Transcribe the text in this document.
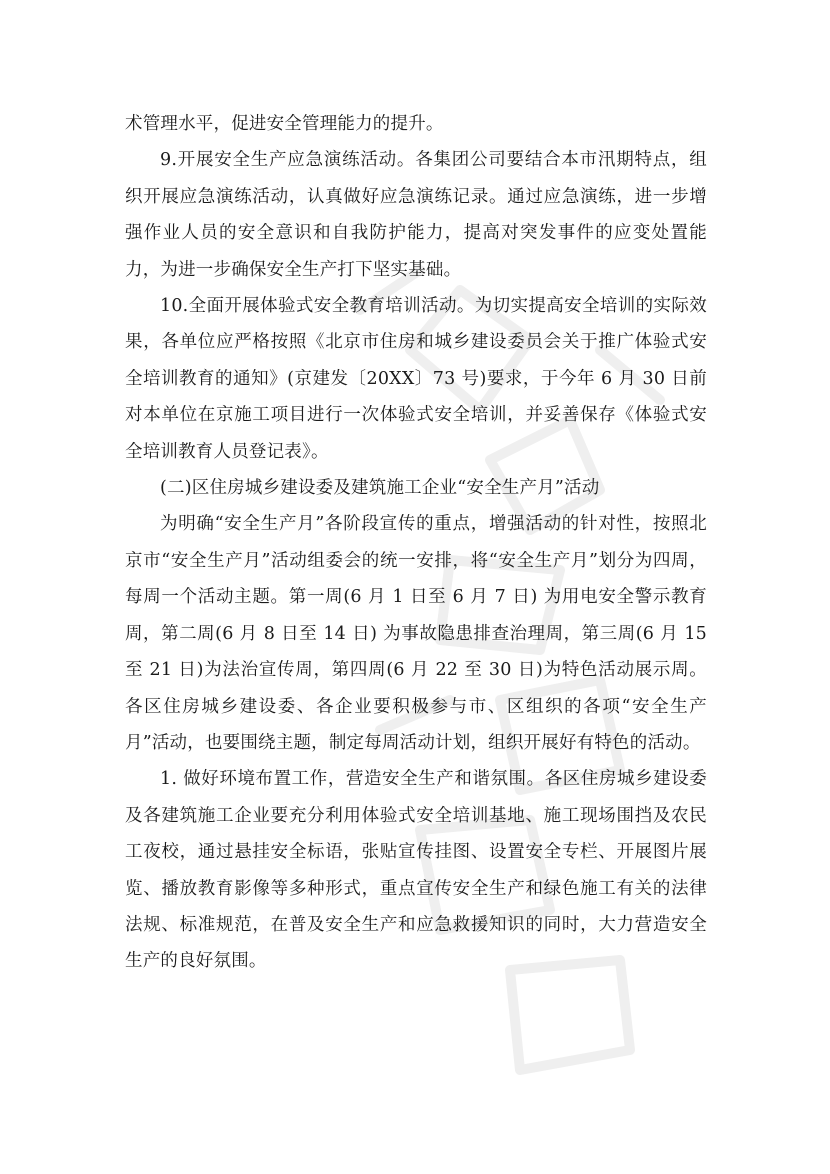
术管理水平，促进安全管理能力的提升。

9.开展安全生产应急演练活动。各集团公司要结合本市汛期特点，组织开展应急演练活动，认真做好应急演练记录。通过应急演练，进一步增强作业人员的安全意识和自我防护能力，提高对突发事件的应变处置能力，为进一步确保安全生产打下坚实基础。

10.全面开展体验式安全教育培训活动。为切实提高安全培训的实际效果，各单位应严格按照《北京市住房和城乡建设委员会关于推广体验式安全培训教育的通知》(京建发〔20XX〕73 号)要求，于今年 6 月 30 日前对本单位在京施工项目进行一次体验式安全培训，并妥善保存《体验式安全培训教育人员登记表》。

(二)区住房城乡建设委及建筑施工企业“安全生产月”活动

为明确“安全生产月”各阶段宣传的重点，增强活动的针对性，按照北京市“安全生产月”活动组委会的统一安排，将“安全生产月”划分为四周，每周一个活动主题。第一周(6 月 1 日至 6 月 7 日) 为用电安全警示教育周，第二周(6 月 8 日至 14 日) 为事故隐患排查治理周，第三周(6 月 15 至 21 日)为法治宣传周，第四周(6 月 22 至 30 日)为特色活动展示周。各区住房城乡建设委、各企业要积极参与市、区组织的各项“安全生产月”活动，也要围绕主题，制定每周活动计划，组织开展好有特色的活动。

1. 做好环境布置工作，营造安全生产和谐氛围。各区住房城乡建设委及各建筑施工企业要充分利用体验式安全培训基地、施工现场围挡及农民工夜校，通过悬挂安全标语，张贴宣传挂图、设置安全专栏、开展图片展览、播放教育影像等多种形式，重点宣传安全生产和绿色施工有关的法律法规、标准规范，在普及安全生产和应急救援知识的同时，大力营造安全生产的良好氛围。
